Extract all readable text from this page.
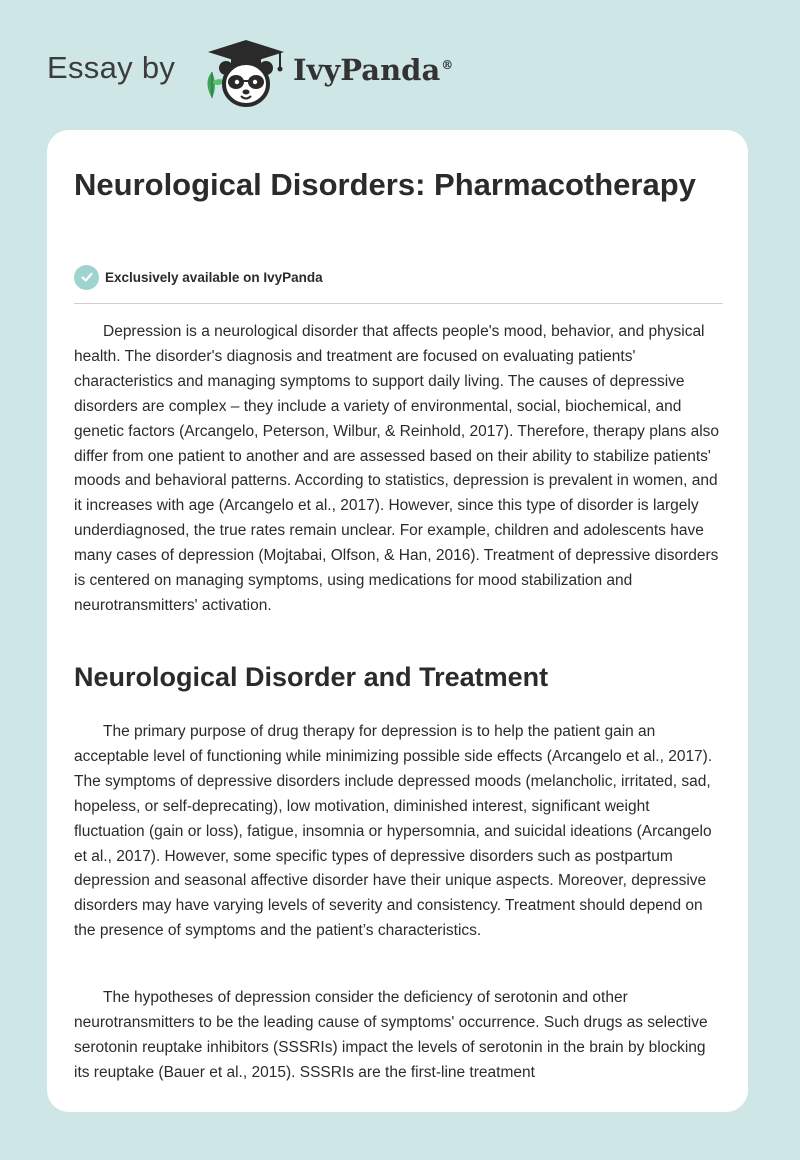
Essay by	IvyPanda®
Neurological Disorders: Pharmacotherapy
Exclusively available on IvyPanda

Depression is a neurological disorder that affects people's mood, behavior, and physical health. The disorder's diagnosis and treatment are focused on evaluating patients' characteristics and managing symptoms to support daily living. The causes of depressive disorders are complex – they include a variety of environmental, social, biochemical, and genetic factors (Arcangelo, Peterson, Wilbur, & Reinhold, 2017). Therefore, therapy plans also differ from one patient to another and are assessed based on their ability to stabilize patients' moods and behavioral patterns. According to statistics, depression is prevalent in women, and it increases with age (Arcangelo et al., 2017). However, since this type of disorder is largely underdiagnosed, the true rates remain unclear. For example, children and adolescents have many cases of depression (Mojtabai, Olfson, & Han, 2016). Treatment of depressive disorders is centered on managing symptoms, using medications for mood stabilization and neurotransmitters' activation.

Neurological Disorder and Treatment

The primary purpose of drug therapy for depression is to help the patient gain an acceptable level of functioning while minimizing possible side effects (Arcangelo et al., 2017). The symptoms of depressive disorders include depressed moods (melancholic, irritated, sad, hopeless, or self-deprecating), low motivation, diminished interest, significant weight fluctuation (gain or loss), fatigue, insomnia or hypersomnia, and suicidal ideations (Arcangelo et al., 2017). However, some specific types of depressive disorders such as postpartum depression and seasonal affective disorder have their unique aspects. Moreover, depressive disorders may have varying levels of severity and consistency. Treatment should depend on the presence of symptoms and the patient’s characteristics.

The hypotheses of depression consider the deficiency of serotonin and other neurotransmitters to be the leading cause of symptoms' occurrence. Such drugs as selective serotonin reuptake inhibitors (SSSRIs) impact the levels of serotonin in the brain by blocking its reuptake (Bauer et al., 2015). SSSRIs are the first-line treatment
